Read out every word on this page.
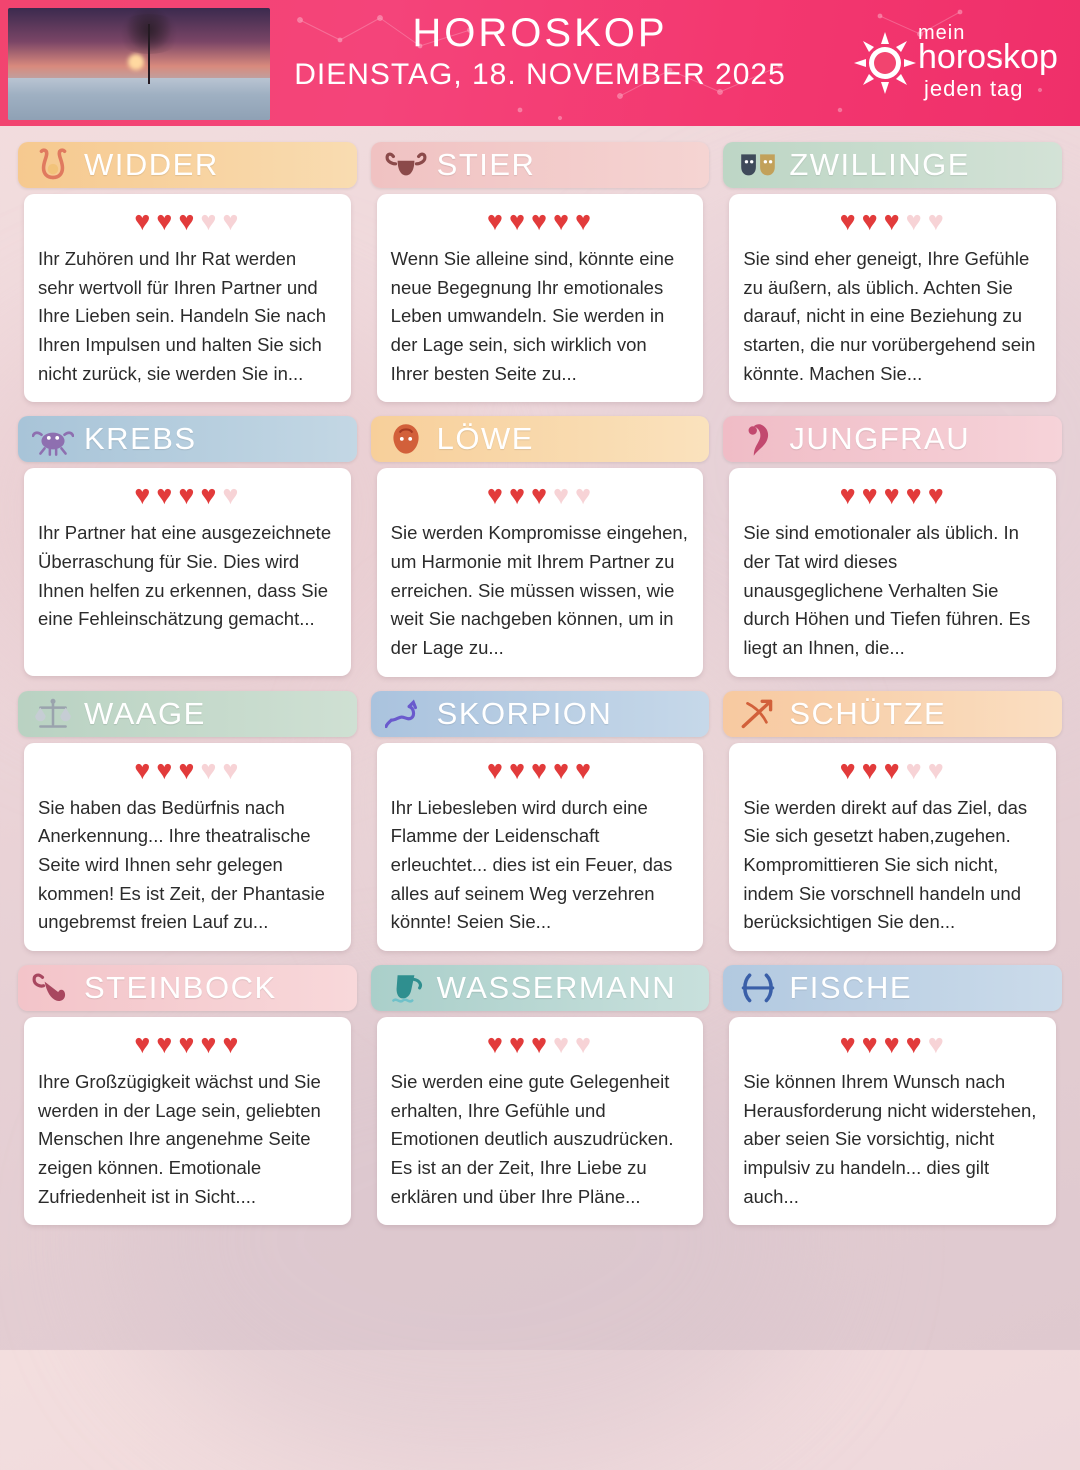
HOROSKOP
DIENSTAG, 18. NOVEMBER 2025
mein
horoskop
jeden tag
WIDDER
♥ ♥ ♥ ♥ ♥
Ihr Zuhören und Ihr Rat werden sehr wertvoll für Ihren Partner und Ihre Lieben sein. Handeln Sie nach Ihren Impulsen und halten Sie sich nicht zurück, sie werden Sie in...
STIER
♥ ♥ ♥ ♥ ♥
Wenn Sie alleine sind, könnte eine neue Begegnung Ihr emotionales Leben umwandeln. Sie werden in der Lage sein, sich wirklich von Ihrer besten Seite zu...
ZWILLINGE
♥ ♥ ♥ ♥ ♥
Sie sind eher geneigt, Ihre Gefühle zu äußern, als üblich. Achten Sie darauf, nicht in eine Beziehung zu starten, die nur vorübergehend sein könnte. Machen Sie...
KREBS
♥ ♥ ♥ ♥ ♥
Ihr Partner hat eine ausgezeichnete Überraschung für Sie. Dies wird Ihnen helfen zu erkennen, dass Sie eine Fehleinschätzung gemacht...
LÖWE
♥ ♥ ♥ ♥ ♥
Sie werden Kompromisse eingehen, um Harmonie mit Ihrem Partner zu erreichen. Sie müssen wissen, wie weit Sie nachgeben können, um in der Lage zu...
JUNGFRAU
♥ ♥ ♥ ♥ ♥
Sie sind emotionaler als üblich. In der Tat wird dieses unausgeglichene Verhalten Sie durch Höhen und Tiefen führen. Es liegt an Ihnen, die...
WAAGE
♥ ♥ ♥ ♥ ♥
Sie haben das Bedürfnis nach Anerkennung... Ihre theatralische Seite wird Ihnen sehr gelegen kommen! Es ist Zeit, der Phantasie ungebremst freien Lauf zu...
SKORPION
♥ ♥ ♥ ♥ ♥
Ihr Liebesleben wird durch eine Flamme der Leidenschaft erleuchtet... dies ist ein Feuer, das alles auf seinem Weg verzehren könnte! Seien Sie...
SCHÜTZE
♥ ♥ ♥ ♥ ♥
Sie werden direkt auf das Ziel, das Sie sich gesetzt haben,zugehen. Kompromittieren Sie sich nicht, indem Sie vorschnell handeln und berücksichtigen Sie den...
STEINBOCK
♥ ♥ ♥ ♥ ♥
Ihre Großzügigkeit wächst und Sie werden in der Lage sein, geliebten Menschen Ihre angenehme Seite zeigen können. Emotionale Zufriedenheit ist in Sicht....
WASSERMANN
♥ ♥ ♥ ♥ ♥
Sie werden eine gute Gelegenheit erhalten, Ihre Gefühle und Emotionen deutlich auszudrücken. Es ist an der Zeit, Ihre Liebe zu erklären und über Ihre Pläne...
FISCHE
♥ ♥ ♥ ♥ ♥
Sie können Ihrem Wunsch nach Herausforderung nicht widerstehen, aber seien Sie vorsichtig, nicht impulsiv zu handeln... dies gilt auch...
